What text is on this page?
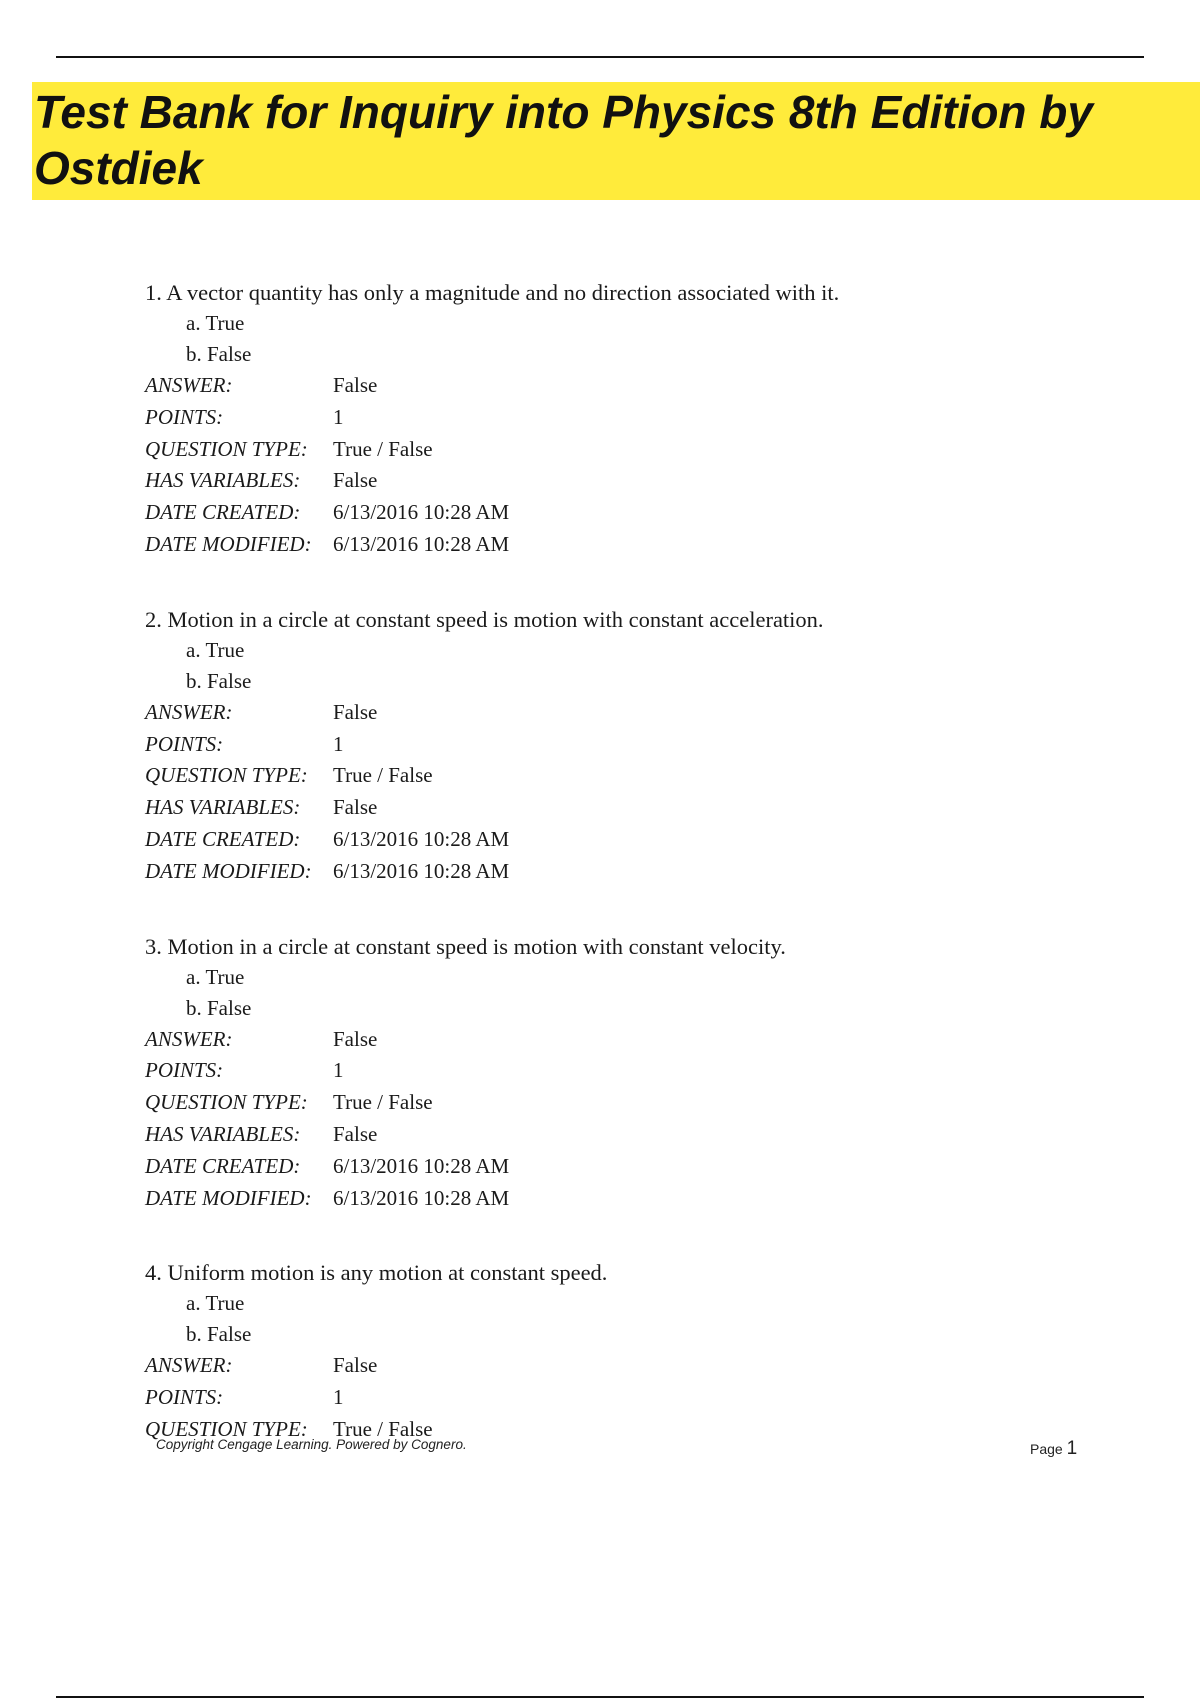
Test Bank for Inquiry into Physics 8th Edition by Ostdiek
1. A vector quantity has only a magnitude and no direction associated with it.
a. True
b. False
ANSWER:	False
POINTS:	1
QUESTION TYPE:	True / False
HAS VARIABLES:	False
DATE CREATED:	6/13/2016 10:28 AM
DATE MODIFIED:	6/13/2016 10:28 AM
2. Motion in a circle at constant speed is motion with constant acceleration.
a. True
b. False
ANSWER:	False
POINTS:	1
QUESTION TYPE:	True / False
HAS VARIABLES:	False
DATE CREATED:	6/13/2016 10:28 AM
DATE MODIFIED:	6/13/2016 10:28 AM
3. Motion in a circle at constant speed is motion with constant velocity.
a. True
b. False
ANSWER:	False
POINTS:	1
QUESTION TYPE:	True / False
HAS VARIABLES:	False
DATE CREATED:	6/13/2016 10:28 AM
DATE MODIFIED:	6/13/2016 10:28 AM
4. Uniform motion is any motion at constant speed.
a. True
b. False
ANSWER:	False
POINTS:	1
QUESTION TYPE:	True / False
Copyright Cengage Learning. Powered by Cognero.	Page 1
